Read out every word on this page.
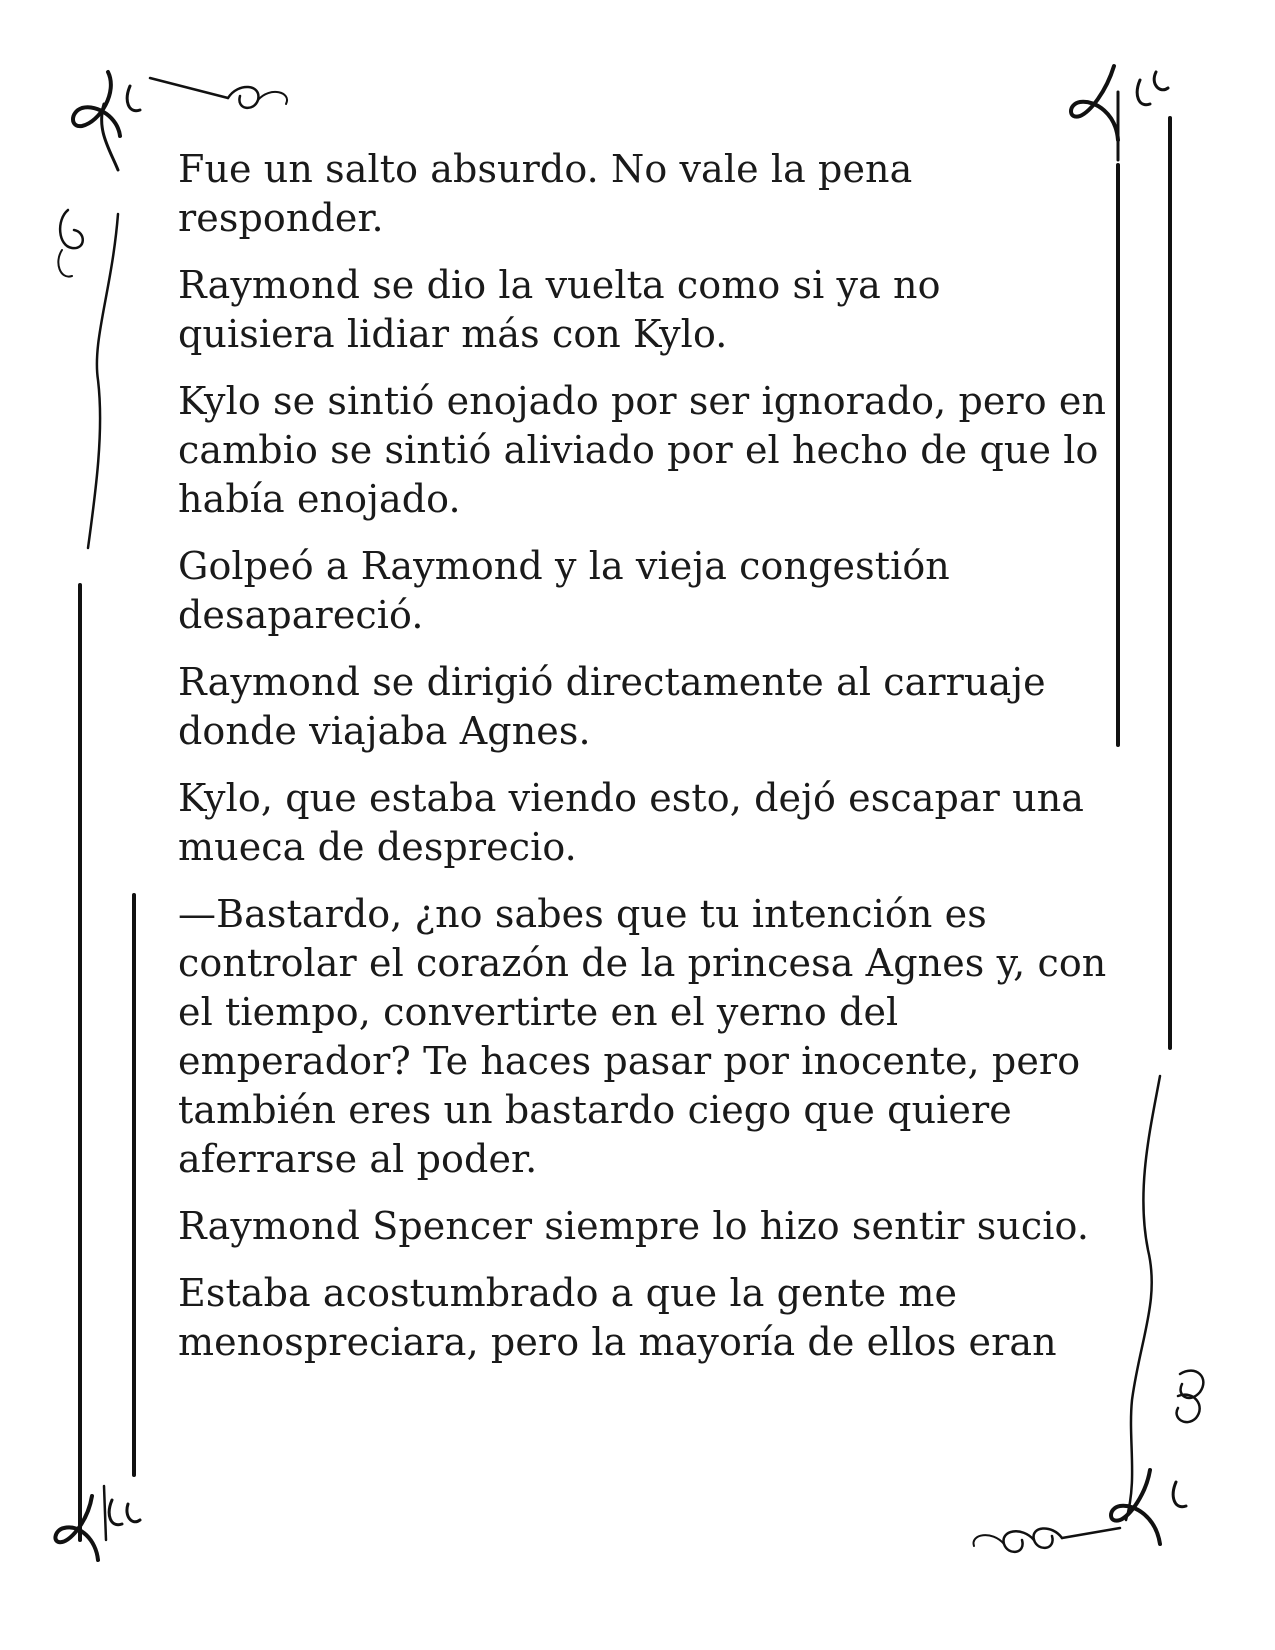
Fue un salto absurdo. No vale la pena responder.

Raymond se dio la vuelta como si ya no quisiera lidiar más con Kylo.

Kylo se sintió enojado por ser ignorado, pero en cambio se sintió aliviado por el hecho de que lo había enojado.

Golpeó a Raymond y la vieja congestión desapareció.

Raymond se dirigió directamente al carruaje donde viajaba Agnes.

Kylo, que estaba viendo esto, dejó escapar una mueca de desprecio.

—Bastardo, ¿no sabes que tu intención es controlar el corazón de la princesa Agnes y, con el tiempo, convertirte en el yerno del emperador? Te haces pasar por inocente, pero también eres un bastardo ciego que quiere aferrarse al poder.

Raymond Spencer siempre lo hizo sentir sucio.

Estaba acostumbrado a que la gente me menospreciara, pero la mayoría de ellos eran
